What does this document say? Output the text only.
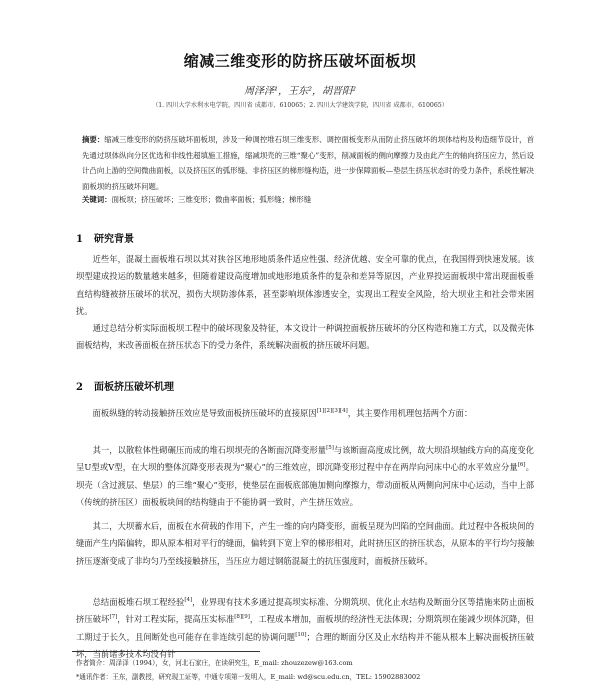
缩减三维变形的防挤压破坏面板坝
周泽泽¹，王东²，胡晋阳²
（1. 四川大学水利水电学院，四川省 成都市，610065；2. 四川大学建筑学院，四川省 成都市，610065）
摘要：缩减三维变形的防挤压破坏面板坝，涉及一种调控堆石坝三维变形、调控面板变形从而防止挤压破坏的坝体结构及构造细节设计，首先通过坝体纵向分区优选和非线性超填施工措施，缩减坝壳的三维“聚心”变形，削减面板的侧向摩擦力及由此产生的轴向挤压应力，然后设计凸向上游的空间微曲面板，以及挤压区的弧形缝、非挤压区的梯形缝构造，进一步保障面板—垫层生挤压状态时的受力条件，系统性解决面板坝的挤压破坏问题。
关键词：面板坝；挤压破坏；三维变形；微曲率面板；弧形缝；梯形缝
1 研究背景
近些年，混凝土面板堆石坝以其对狭谷区地形地质条件适应性强、经济优越、安全可靠的优点，在我国得到快速发展。该坝型建成投运的数量越来越多，但随着建设高度增加或地形地质条件的复杂和差异等原因，产业界投运面板坝中常出现面板垂直结构缝被挤压破坏的状况，损伤大坝防渗体系，甚至影响坝体渗透安全，实现出工程安全风险，给大坝业主和社会带来困扰。
通过总结分析实际面板坝工程中的破坏现象及特征，本文设计一种调控面板挤压破坏的分区构造和施工方式，以及微壳体面板结构，来改善面板在挤压状态下的受力条件，系统解决面板的挤压破坏问题。
2 面板挤压破坏机理
面板纵缝的转动接触挤压效应是导致面板挤压破坏的直接原因[1][2][3][4]，其主要作用机理包括两个方面：
其一，以散粒体性砌碾压而成的堆石坝坝壳的各断面沉降变形量[5]与该断面高度成比例，故大坝沿坝轴线方向的高度变化呈U型或V型，在大坝的整体沉降变形表现为“聚心”的三维效应，即沉降变形过程中存在两岸向河床中心的水平效应分量[6]。坝壳（含过渡层、垫层）的三维“聚心”变形，使垫层在面板底部施加侧向摩擦力，带动面板从两侧向河床中心运动，当中上部（传统的挤压区）面板板块间的结构缝由于不能协调一致时，产生挤压效应。
其二，大坝蓄水后，面板在水荷载的作用下，产生一维的向内降变形，面板呈现为凹陷的空间曲面。此过程中各板块间的缝面产生内陷偏转，即从原本相对平行的缝面，偏转到下宽上窄的梯形相对，此时挤压区的挤压状态，从原本的平行均匀接触挤压逐渐变成了非均匀乃至线接触挤压，当压应力超过钢筋混凝土的抗压强度时，面板挤压破坏。
总结面板堆石坝工程经验[4]，业界现有技术多通过提高坝实标准、分期筑坝、优化止水结构及断面分区等措施来防止面板挤压破坏[7]，针对工程实际，提高压实标准[8][9]，工程成本增加，面板坝的经济性无法体现；分期筑坝在能减少坝体沉降，但工期过于长久，且间断处也可能存在非连续引起的协调问题[10]；合理的断面分区及止水结构并不能从根本上解决面板挤压破坏，当前诸多技术均没有针
作者简介：周泽泽（1994），女，河北石家庄，在读研究生，E_mail: zhouzezew@163.com
*通讯作者：王东，副教授，研究现工证等，中通专项第一发明人，E_mail: wd@scu.edu.cn，TEL: 15902883002
